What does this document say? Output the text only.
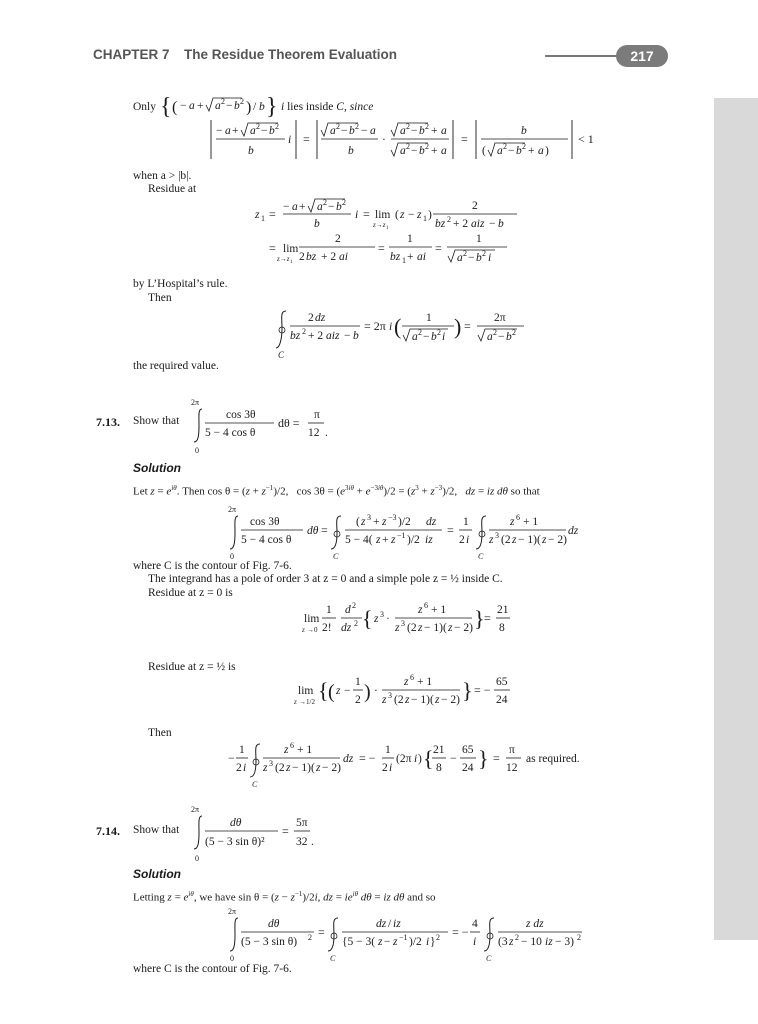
CHAPTER 7 The Residue Theorem Evaluation	217
Only { ( − a + a 2 − b 2 ) / b } i lies inside C, since
− a + a 2 − b 2
b
i =
a 2 − b 2 − a
b
·
a 2 − b 2 + a
a 2 − b 2 + a
=
b
( a 2 − b 2 + a )
< 1
when a > |b|.
Residue at
z 1 = − a + a 2 − b 2
b
i = lim
z→z 1
( z − z 1 )
2
bz 2 + 2 aiz − b
= lim
z→z 1
2
2 bz + 2 ai
=
1
bz 1 + ai
=
1
a 2 − b 2 i
by L’Hospital’s rule.
Then
C
2 dz
bz 2 + 2 aiz − b
= 2π i ( 1
a 2 − b 2 i ) =
2π
a 2 − b 2
the required value.
7.13. Show that
2π
0
cos 3θ
5 − 4 cos θ
dθ =
π
12 .
Solution
Let $z = e^{i\theta}$. Then $\cos \theta = (z + z^{-1})/2$,   $\cos 3\theta = (e^{3i\theta} + e^{-3i\theta})/2 = (z^3 + z^{-3})/2$,   dz = iz dθ so that
2π
0
cos 3θ
5 − 4 cos θ
dθ =
C
( z 3 + z −3 )/2 dz
5 − 4( z + z −1 )/2 iz
=
1
2 i
C
z 6 + 1
z 3 (2 z − 1)( z − 2)
dz
where C is the contour of Fig. 7-6.
The integrand has a pole of order 3 at z = 0 and a simple pole z = ½ inside C.
Residue at z = 0 is
lim
z →0
1
2!
d 2
dz 2 { z 3 ·
z 6 + 1
z 3 (2 z − 1)( z − 2) } =
21
8
Residue at z = ½ is
lim
z →1/2 { ( z −
1
2 ) ·
z 6 + 1
z 3 (2 z − 1)( z − 2) } = −
65
24
Then
−
1
2 i
C
z 6 + 1
z 3 (2 z − 1)( z − 2)
dz = −
1
2 i
(2π i ) { 21
8
−
65
24 } =
π
12
as required.
7.14. Show that
2π
0
dθ
(5 − 3 sin θ)²
=
5π
32 .
Solution
Letting $z = e^{i\theta}$, we have $\sin \theta = (z - z^{-1})/2i$, dz = $ie^{i\theta}$ dθ = iz dθ and so
2π
0
dθ
(5 − 3 sin θ) 2 =
C
dz / iz
{5 − 3( z − z −1 )/2 i } 2 = −
4
i
C
z dz
(3 z 2 − 10 iz − 3) 2
where C is the contour of Fig. 7-6.
